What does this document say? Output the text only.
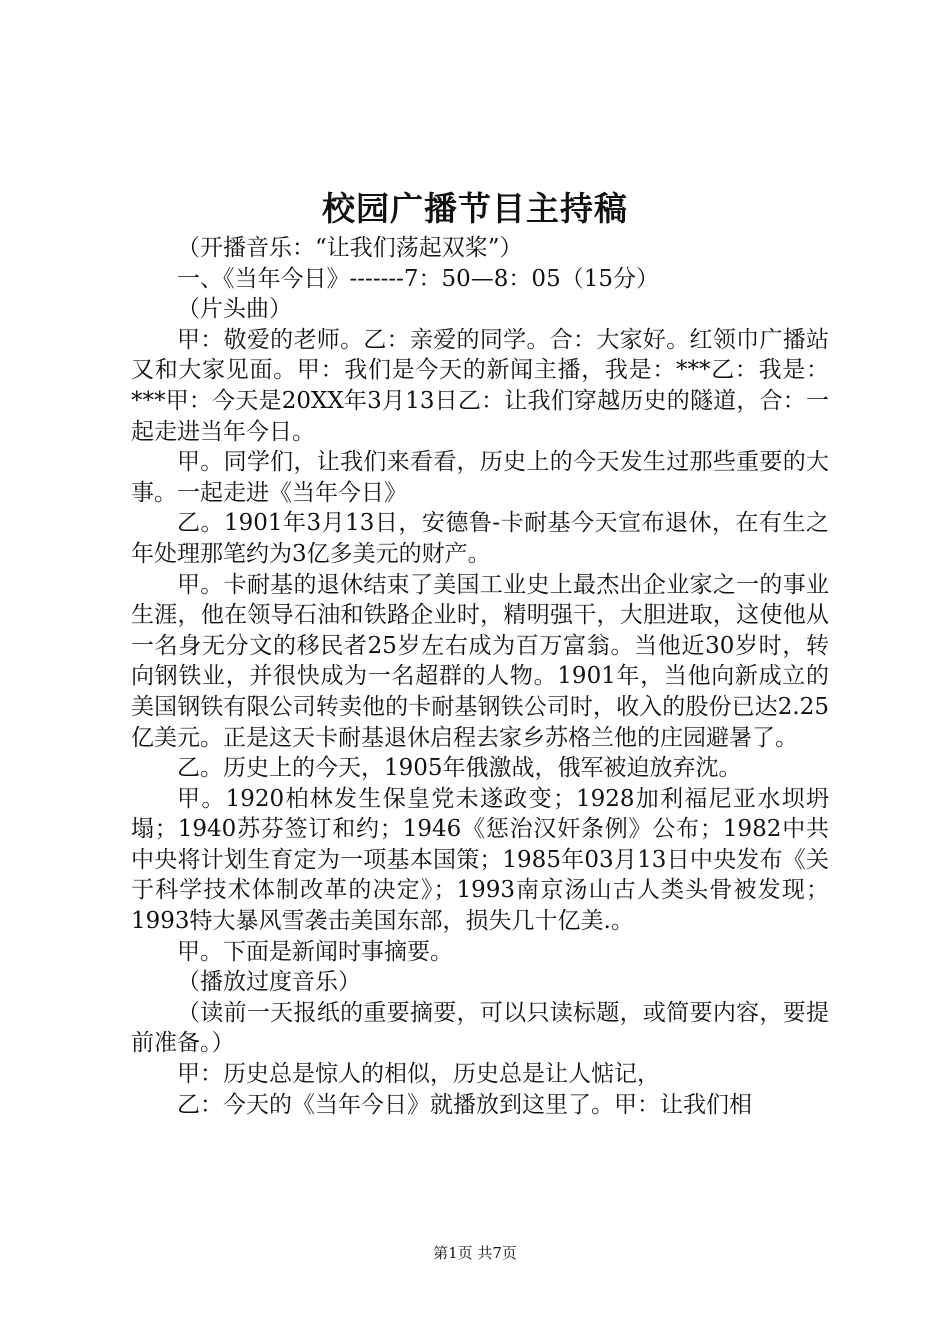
校园广播节目主持稿

（开播音乐：“让我们荡起双桨”）

一、《当年今日》-------7：50—8：05（15分）

（片头曲）

甲：敬爱的老师。乙：亲爱的同学。合：大家好。红领巾广播站又和大家见面。甲：我们是今天的新闻主播，我是：***乙：我是：***甲：今天是20XX年3月13日乙：让我们穿越历史的隧道，合：一起走进当年今日。

甲。同学们，让我们来看看，历史上的今天发生过那些重要的大事。一起走进《当年今日》

乙。1901年3月13日，安德鲁-卡耐基今天宣布退休，在有生之年处理那笔约为3亿多美元的财产。

甲。卡耐基的退休结束了美国工业史上最杰出企业家之一的事业生涯，他在领导石油和铁路企业时，精明强干，大胆进取，这使他从一名身无分文的移民者25岁左右成为百万富翁。当他近30岁时，转向钢铁业，并很快成为一名超群的人物。1901年，当他向新成立的美国钢铁有限公司转卖他的卡耐基钢铁公司时，收入的股份已达2.25亿美元。正是这天卡耐基退休启程去家乡苏格兰他的庄园避暑了。

乙。历史上的今天，1905年俄激战，俄军被迫放弃沈。

甲。1920柏林发生保皇党未遂政变；1928加利福尼亚水坝坍塌；1940苏芬签订和约；1946《惩治汉奸条例》公布；1982中共中央将计划生育定为一项基本国策；1985年03月13日中央发布《关于科学技术体制改革的决定》；1993南京汤山古人类头骨被发现；1993特大暴风雪袭击美国东部，损失几十亿美.。

甲。下面是新闻时事摘要。

（播放过度音乐）

（读前一天报纸的重要摘要，可以只读标题，或简要内容，要提前准备。）

甲：历史总是惊人的相似，历史总是让人惦记，

乙：今天的《当年今日》就播放到这里了。甲：让我们相

第1页 共7页
